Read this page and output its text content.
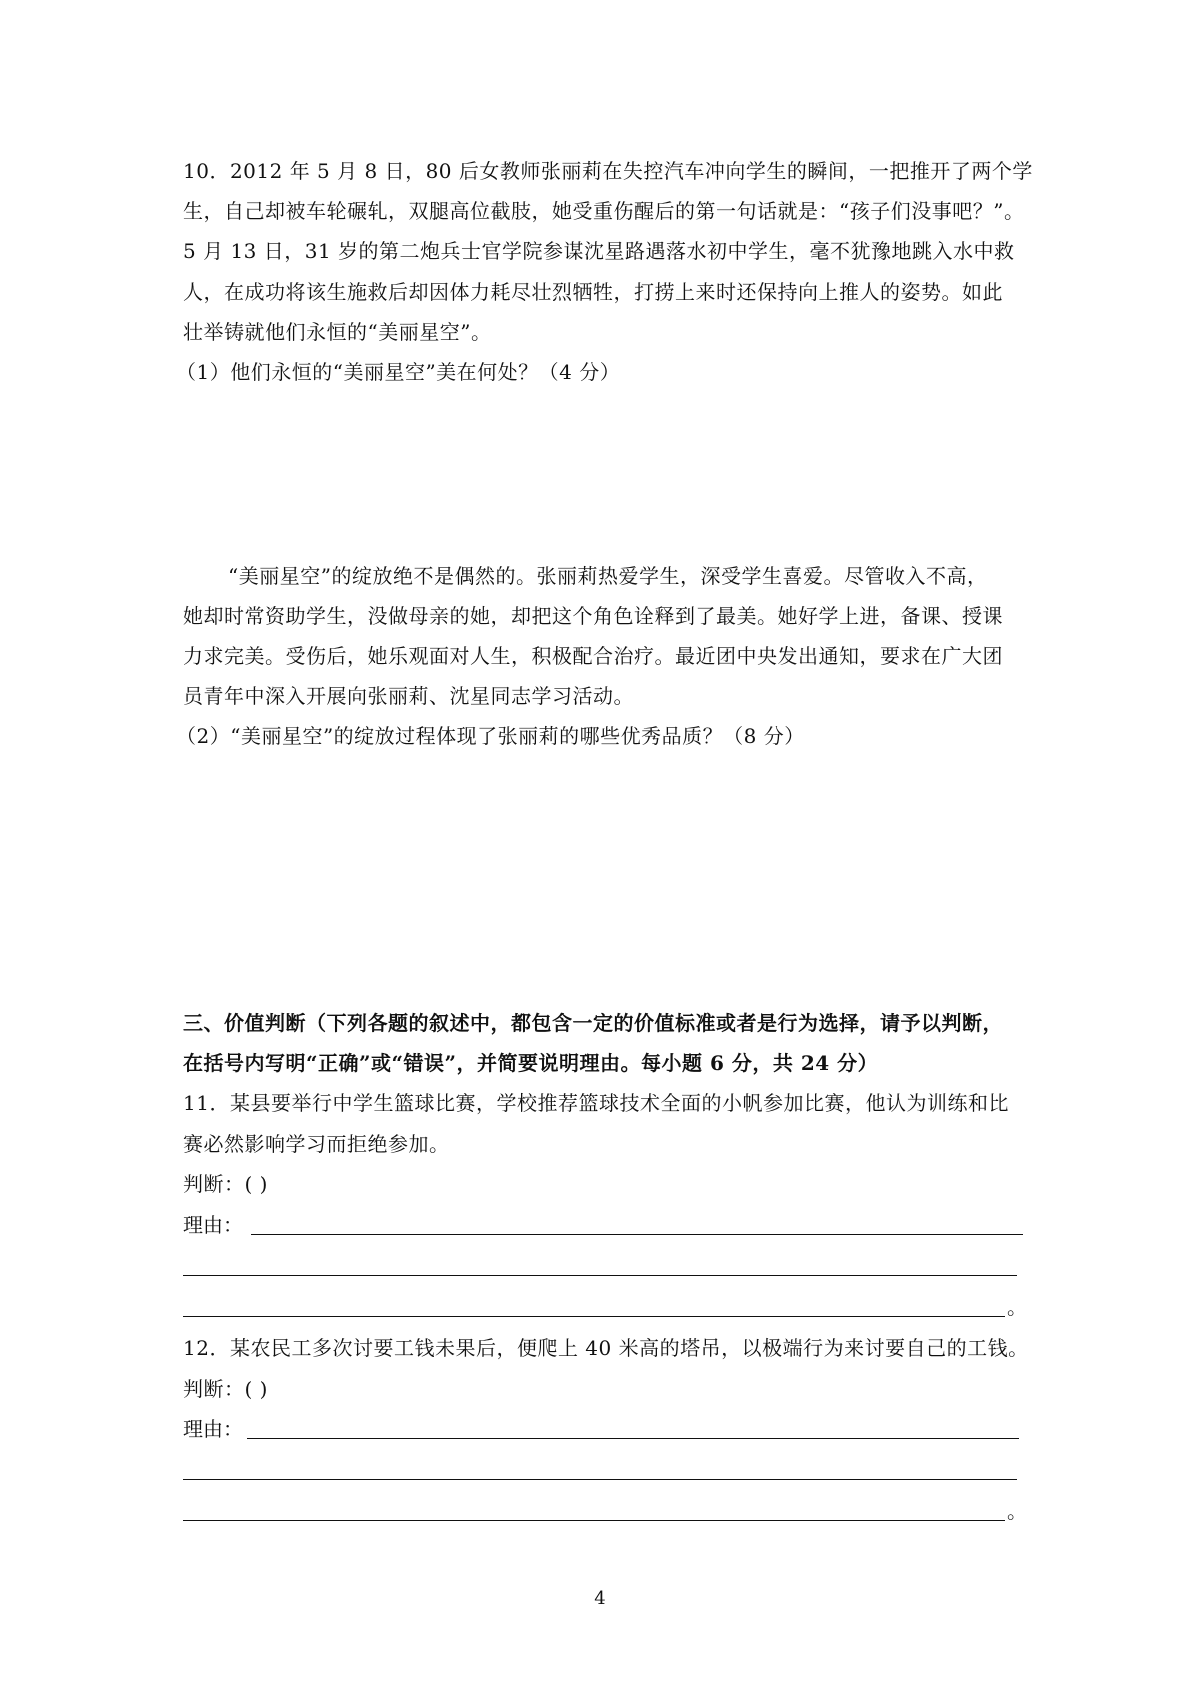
10．2012 年 5 月 8 日，80 后女教师张丽莉在失控汽车冲向学生的瞬间，一把推开了两个学
生，自己却被车轮碾轧，双腿高位截肢，她受重伤醒后的第一句话就是：“孩子们没事吧？”。
5 月 13 日，31 岁的第二炮兵士官学院参谋沈星路遇落水初中学生，毫不犹豫地跳入水中救
人，在成功将该生施救后却因体力耗尽壮烈牺牲，打捞上来时还保持向上推人的姿势。如此
壮举铸就他们永恒的“美丽星空”。
（1）他们永恒的“美丽星空”美在何处？（4 分）
“美丽星空”的绽放绝不是偶然的。张丽莉热爱学生，深受学生喜爱。尽管收入不高，
她却时常资助学生，没做母亲的她，却把这个角色诠释到了最美。她好学上进，备课、授课
力求完美。受伤后，她乐观面对人生，积极配合治疗。最近团中央发出通知，要求在广大团
员青年中深入开展向张丽莉、沈星同志学习活动。
（2）“美丽星空”的绽放过程体现了张丽莉的哪些优秀品质？（8 分）
三、价值判断（下列各题的叙述中，都包含一定的价值标准或者是行为选择，请予以判断，
在括号内写明“正确”或“错误”，并简要说明理由。每小题 6 分，共 24 分）
11．某县要举行中学生篮球比赛，学校推荐篮球技术全面的小帆参加比赛，他认为训练和比
赛必然影响学习而拒绝参加。
判断：( )
理由：
。
12．某农民工多次讨要工钱未果后，便爬上 40 米高的塔吊，以极端行为来讨要自己的工钱。
判断：( )
理由：
。
4
